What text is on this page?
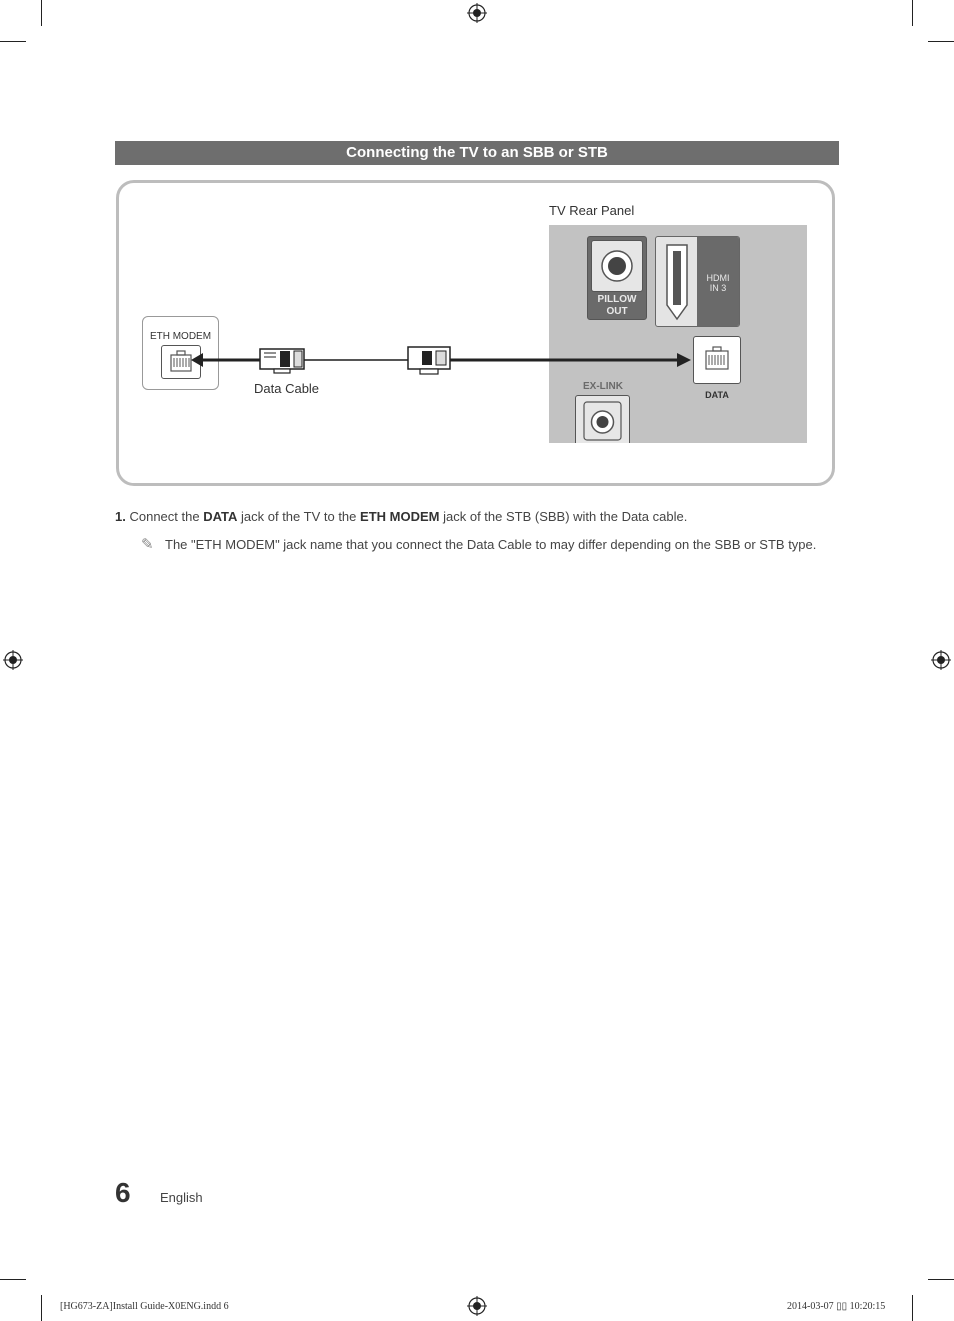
Connecting the TV to an SBB or STB
TV Rear Panel
PILLOW OUT
HDMI
IN 3
DATA
EX-LINK
ETH MODEM
Data Cable
1. Connect the DATA jack of the TV to the ETH MODEM jack of the STB (SBB) with the Data cable.
✎ The "ETH MODEM" jack name that you connect the Data Cable to may differ depending on the SBB or STB type.
6 English
[HG673-ZA]Install Guide-X0ENG.indd 6	2014-03-07 ▯▯ 10:20:15
